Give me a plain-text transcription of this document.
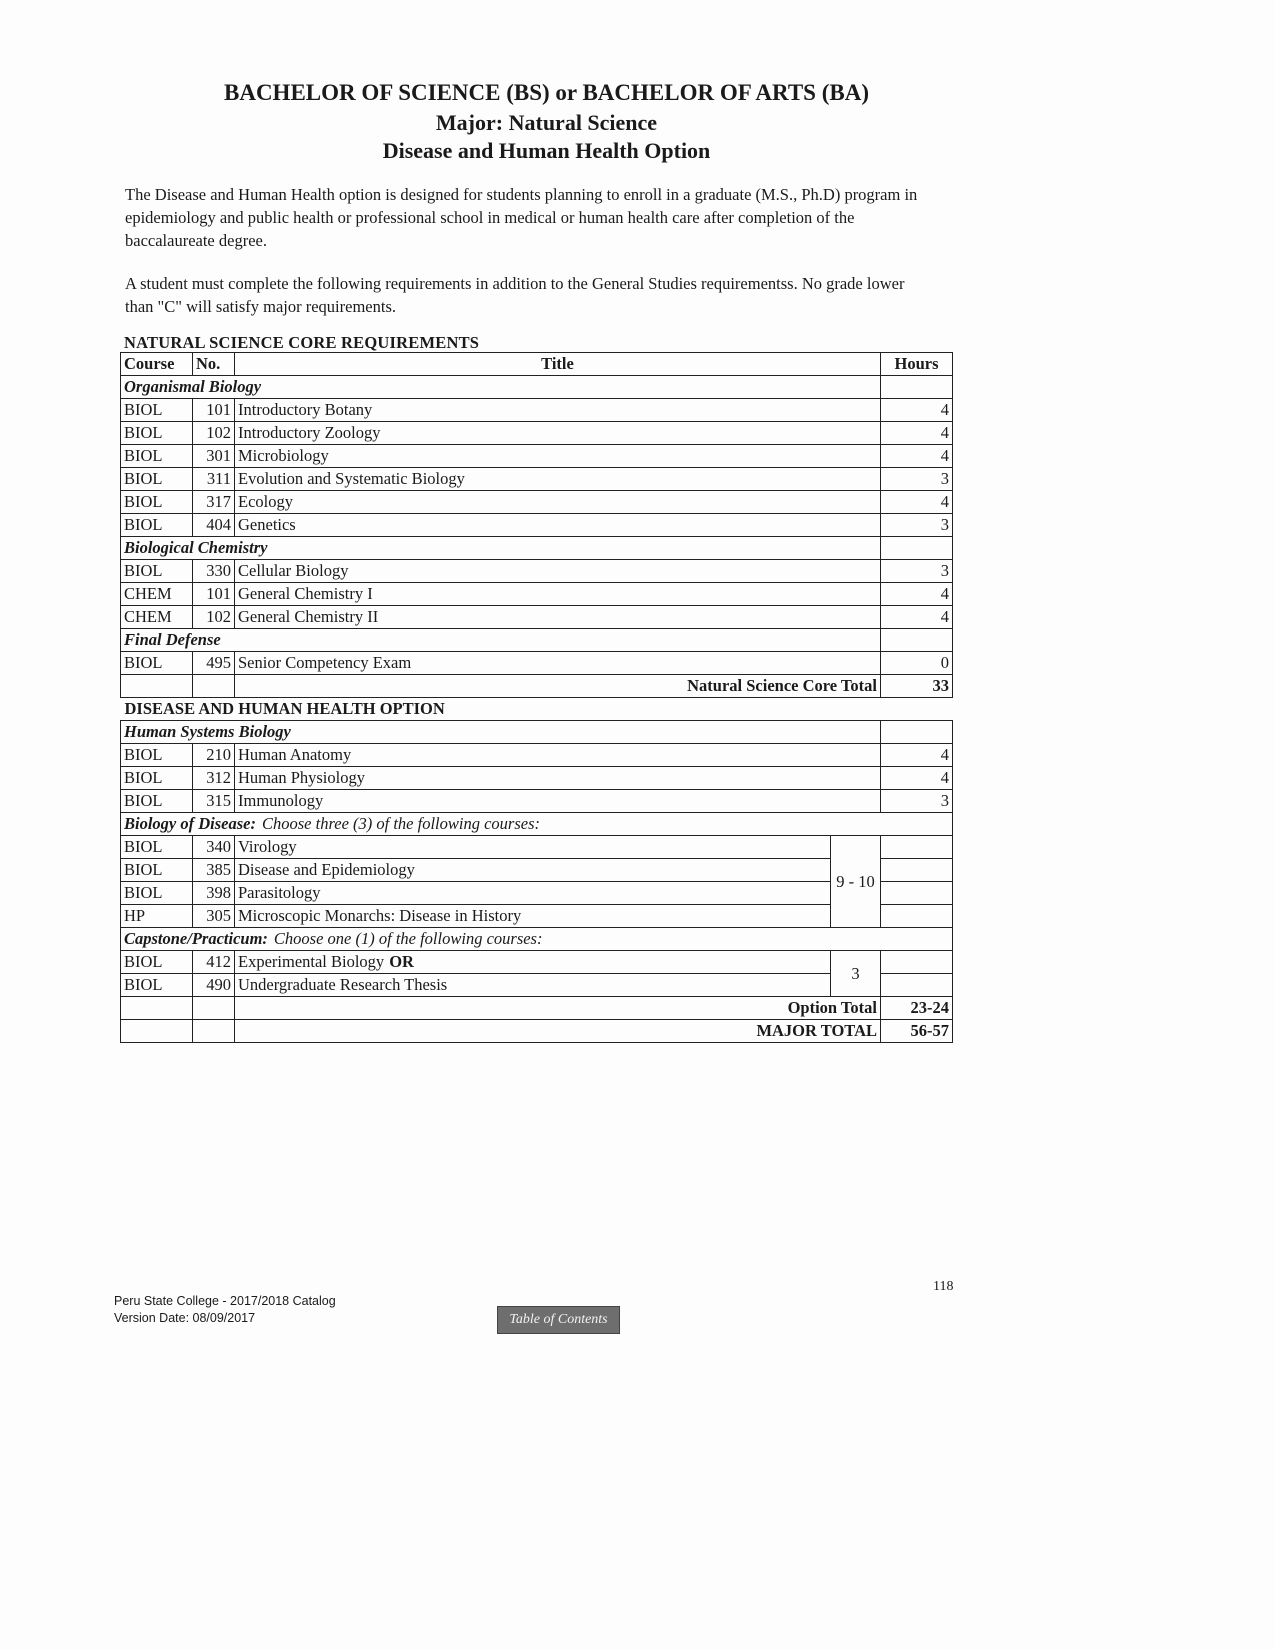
BACHELOR OF SCIENCE (BS) or BACHELOR OF ARTS (BA)
Major: Natural Science
Disease and Human Health Option
The Disease and Human Health option is designed for students planning to enroll in a graduate (M.S., Ph.D) program in epidemiology and public health or professional school in medical or human health care after completion of the baccalaureate degree.
A student must complete the following requirements in addition to the General Studies requirementss. No grade lower than "C" will satisfy major requirements.
NATURAL SCIENCE CORE REQUIREMENTS
Course	No.	Title		Hours
Organismal Biology				
BIOL	101	Introductory Botany		4
BIOL	102	Introductory Zoology		4
BIOL	301	Microbiology		4
BIOL	311	Evolution and Systematic Biology		3
BIOL	317	Ecology		4
BIOL	404	Genetics		3
Biological Chemistry				
BIOL	330	Cellular Biology		3
CHEM	101	General Chemistry I		4
CHEM	102	General Chemistry II		4
Final Defense				
BIOL	495	Senior Competency Exam		0
		Natural Science Core Total		33
DISEASE AND HUMAN HEALTH OPTION				
Human Systems Biology				
BIOL	210	Human Anatomy		4
BIOL	312	Human Physiology		4
BIOL	315	Immunology		3
Biology of Disease: Choose three (3) of the following courses:				
BIOL	340	Virology	9 - 10	
BIOL	385	Disease and Epidemiology		
BIOL	398	Parasitology		
HP	305	Microscopic Monarchs: Disease in History		
Capstone/Practicum: Choose one (1) of the following courses:				
BIOL	412	Experimental Biology OR	3	
BIOL	490	Undergraduate Research Thesis		
		Option Total		23-24
		MAJOR TOTAL		56-57
Peru State College - 2017/2018 Catalog
Version Date: 08/09/2017
118
Table of Contents
